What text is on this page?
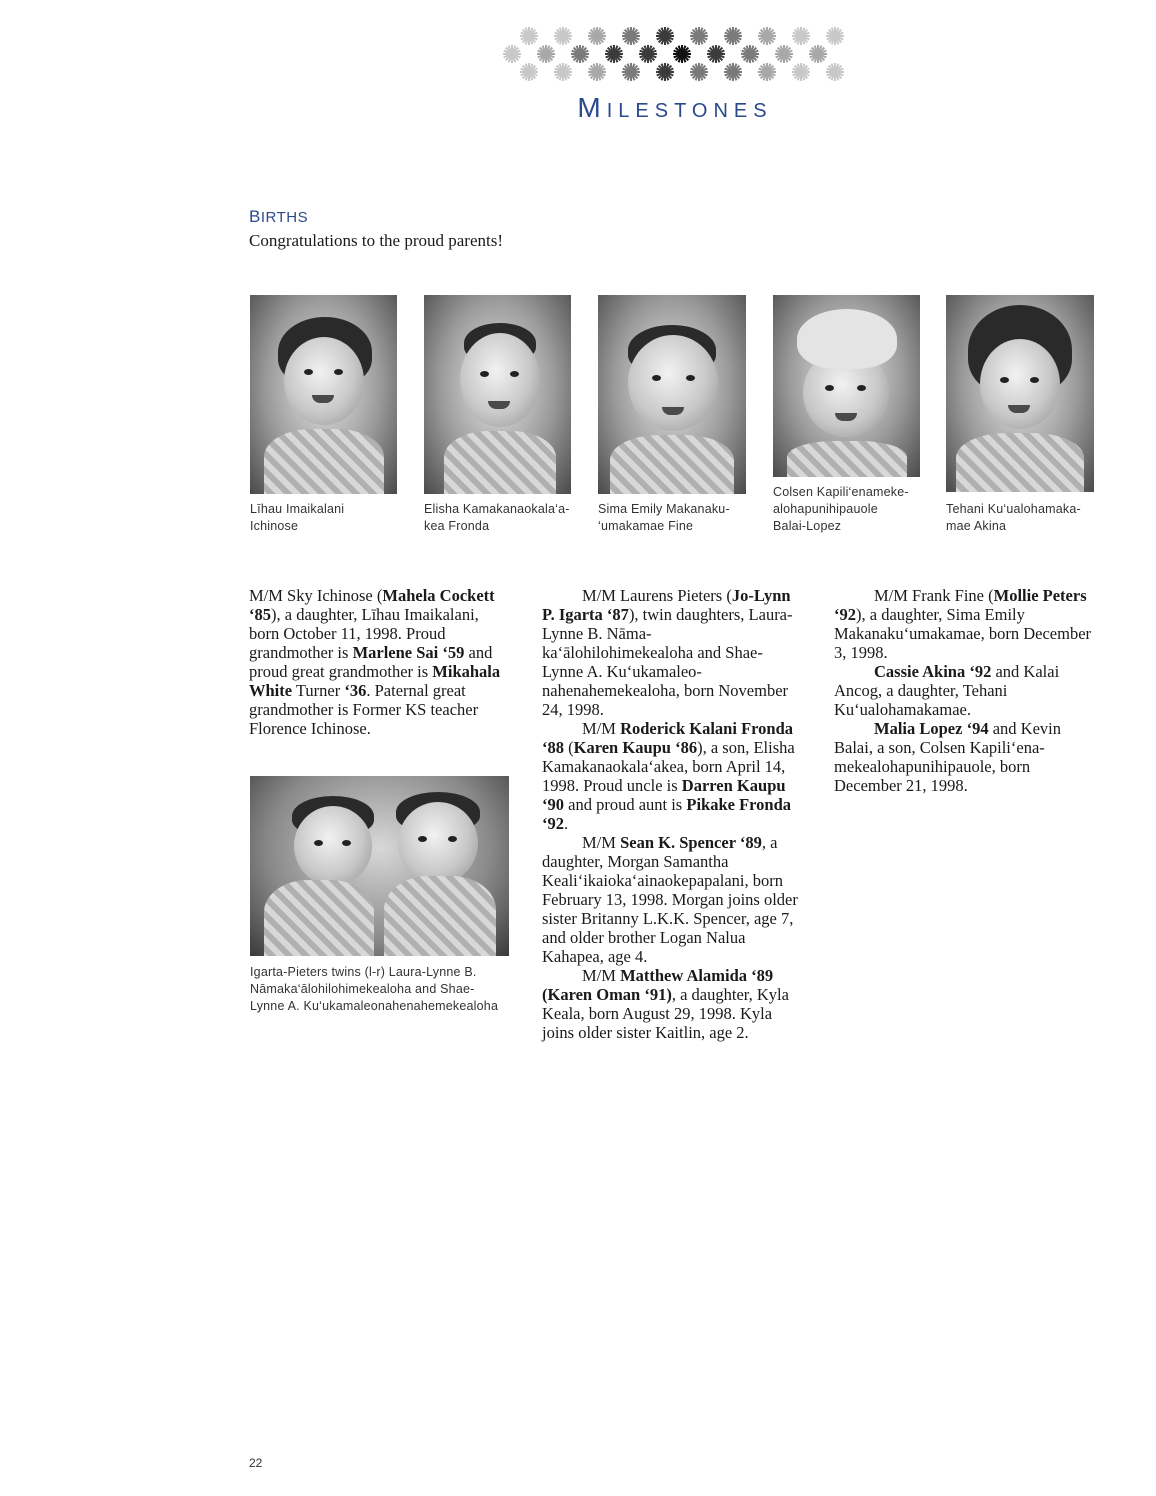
MILESTONES
BIRTHS

Congratulations to the proud parents!

Līhau Imaikalani
Ichinose

Elisha Kamakanaokala‘a-
kea Fronda

Sima Emily Makanaku-
‘umakamae Fine

Colsen Kapili‘enameke-
alohapunihipauole
Balai-Lopez

Tehani Ku‘ualohamaka-
mae Akina

M/M Sky Ichinose (Mahela Cockett ‘85), a daughter, Līhau Imaikalani, born October 11, 1998. Proud grandmother is Marlene Sai ‘59 and proud great grandmother is Mikahala White Turner ‘36. Paternal great grandmother is Former KS teacher Florence Ichinose.

Igarta-Pieters twins (l-r) Laura-Lynne B.
Nāmaka‘ālohilohimekealoha and Shae-
Lynne A. Ku‘ukamaleonahenahemekealoha

M/M Laurens Pieters (Jo-Lynn P. Igarta ‘87), twin daughters, Laura-Lynne B. Nāma-ka‘ālohilohimekealoha and Shae-Lynne A. Ku‘ukamaleo-nahenahemekealoha, born November 24, 1998.

M/M Roderick Kalani Fronda ‘88 (Karen Kaupu ‘86), a son, Elisha Kamakanaokala‘akea, born April 14, 1998. Proud uncle is Darren Kaupu ‘90 and proud aunt is Pikake Fronda ‘92.

M/M Sean K. Spencer ‘89, a daughter, Morgan Samantha Keali‘ikaioka‘ainaokepapalani, born February 13, 1998. Morgan joins older sister Britanny L.K.K. Spencer, age 7, and older brother Logan Nalua Kahapea, age 4.

M/M Matthew Alamida ‘89 (Karen Oman ‘91), a daughter, Kyla Keala, born August 29, 1998. Kyla joins older sister Kaitlin, age 2.

M/M Frank Fine (Mollie Peters ‘92), a daughter, Sima Emily Makanaku‘umakamae, born December 3, 1998.

Cassie Akina ‘92 and Kalai Ancog, a daughter, Tehani Ku‘ualohamakamae.

Malia Lopez ‘94 and Kevin Balai, a son, Colsen Kapili‘ena-mekealohapunihipauole, born December 21, 1998.

22
